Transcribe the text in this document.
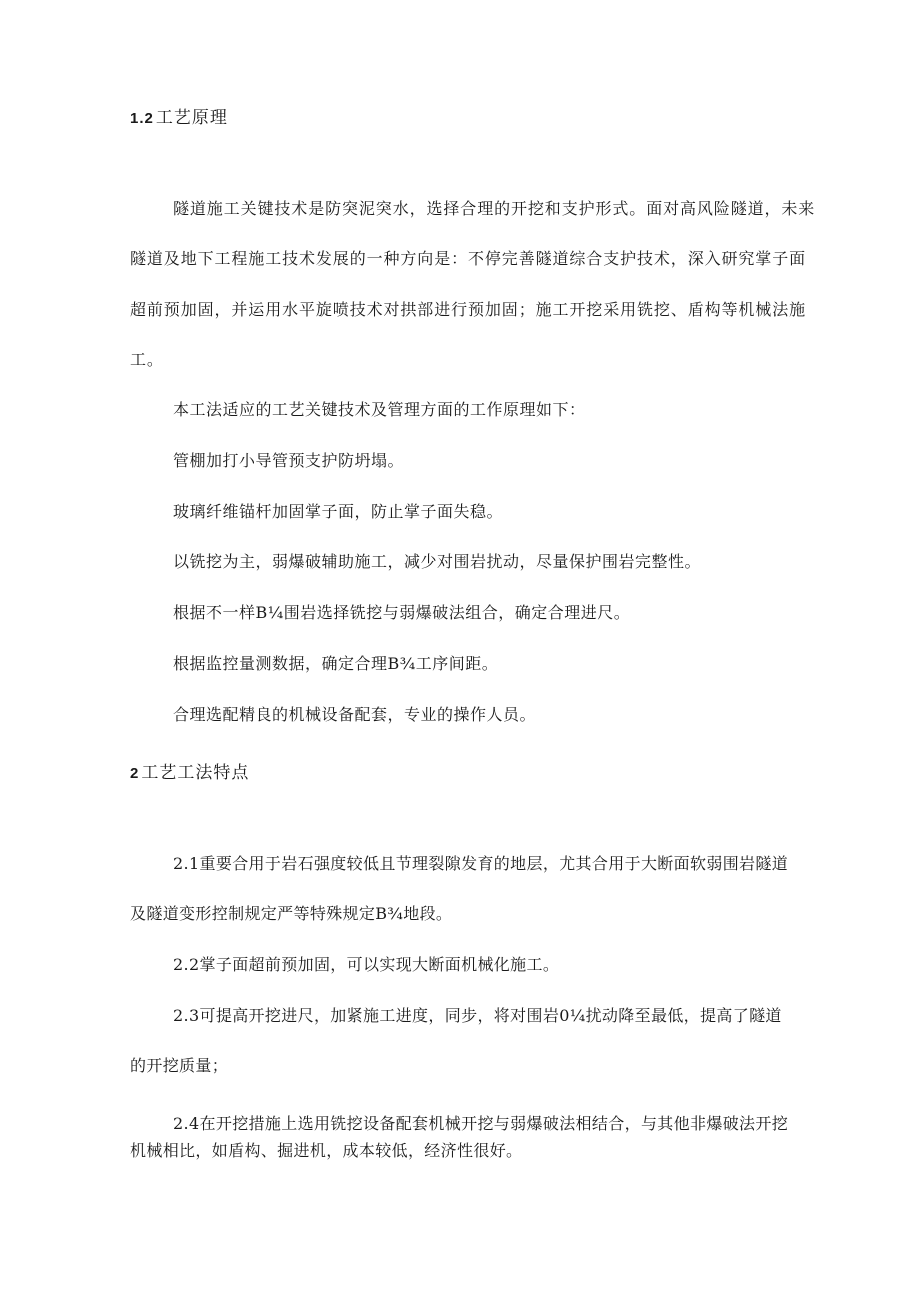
1.2 工艺原理
隧道施工关键技术是防突泥突水，选择合理的开挖和支护形式。面对高风险隧道，未来
隧道及地下工程施工技术发展的一种方向是：不停完善隧道综合支护技术，深入研究掌子面
超前预加固，并运用水平旋喷技术对拱部进行预加固；施工开挖采用铣挖、盾构等机械法施
工。
本工法适应的工艺关键技术及管理方面的工作原理如下：
管棚加打小导管预支护防坍塌。
玻璃纤维锚杆加固掌子面，防止掌子面失稳。
以铣挖为主，弱爆破辅助施工，减少对围岩扰动，尽量保护围岩完整性。
根据不一样B¼围岩选择铣挖与弱爆破法组合，确定合理进尺。
根据监控量测数据，确定合理B¾工序间距。
合理选配精良的机械设备配套，专业的操作人员。
2 工艺工法特点
2.1重要合用于岩石强度较低且节理裂隙发育的地层，尤其合用于大断面软弱围岩隧道
及隧道变形控制规定严等特殊规定B¾地段。
2.2掌子面超前预加固，可以实现大断面机械化施工。
2.3可提高开挖进尺，加紧施工进度，同步，将对围岩0¼扰动降至最低，提高了隧道
的开挖质量；
2.4在开挖措施上选用铣挖设备配套机械开挖与弱爆破法相结合，与其他非爆破法开挖
机械相比，如盾构、掘进机，成本较低，经济性很好。
